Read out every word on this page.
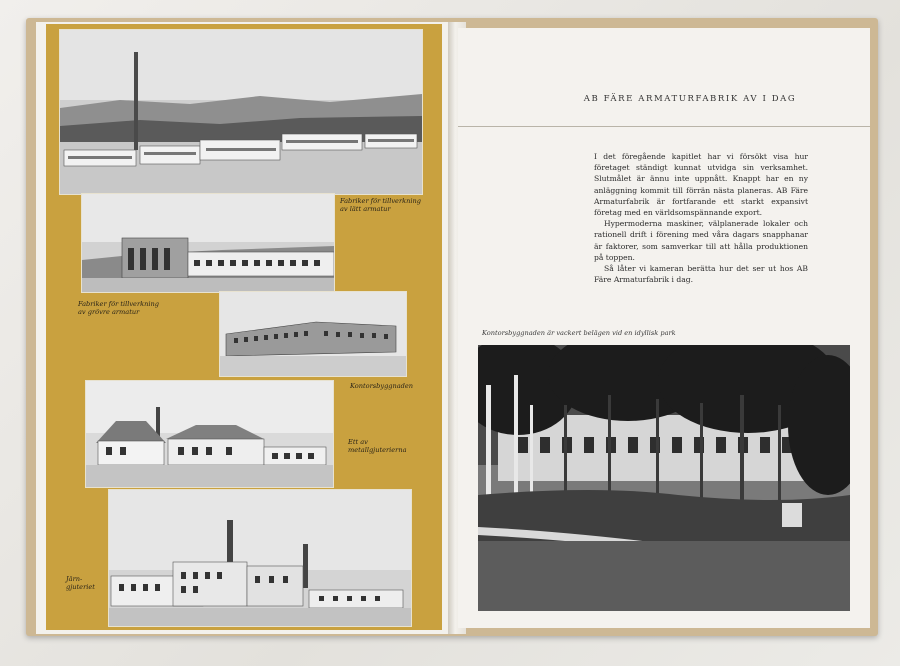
Fabriker för tillverkning av lätt armatur
Fabriker för tillverkning av grövre armatur
Ett av metallgjuterierna
Kontorsbyggnaden
Järn-gjuteriet
AB FÄRE ARMATURFABRIK AV I DAG

I det föregående kapitlet har vi försökt visa hur företaget ständigt kunnat utvidga sin verksamhet. Slutmålet är ännu inte uppnått. Knappt har en ny anläggning kommit till förrän nästa planeras. AB Färe Armaturfabrik är fortfarande ett starkt expansivt företag med en världsomspännande export.

Hypermoderna maskiner, välplanerade lokaler och rationell drift i förening med våra dagars snapphanar är faktorer, som samverkar till att hålla produktionen på toppen.

Så låter vi kameran berätta hur det ser ut hos AB Färe Armaturfabrik i dag.

Kontorsbyggnaden är vackert belägen vid en idyllisk park
